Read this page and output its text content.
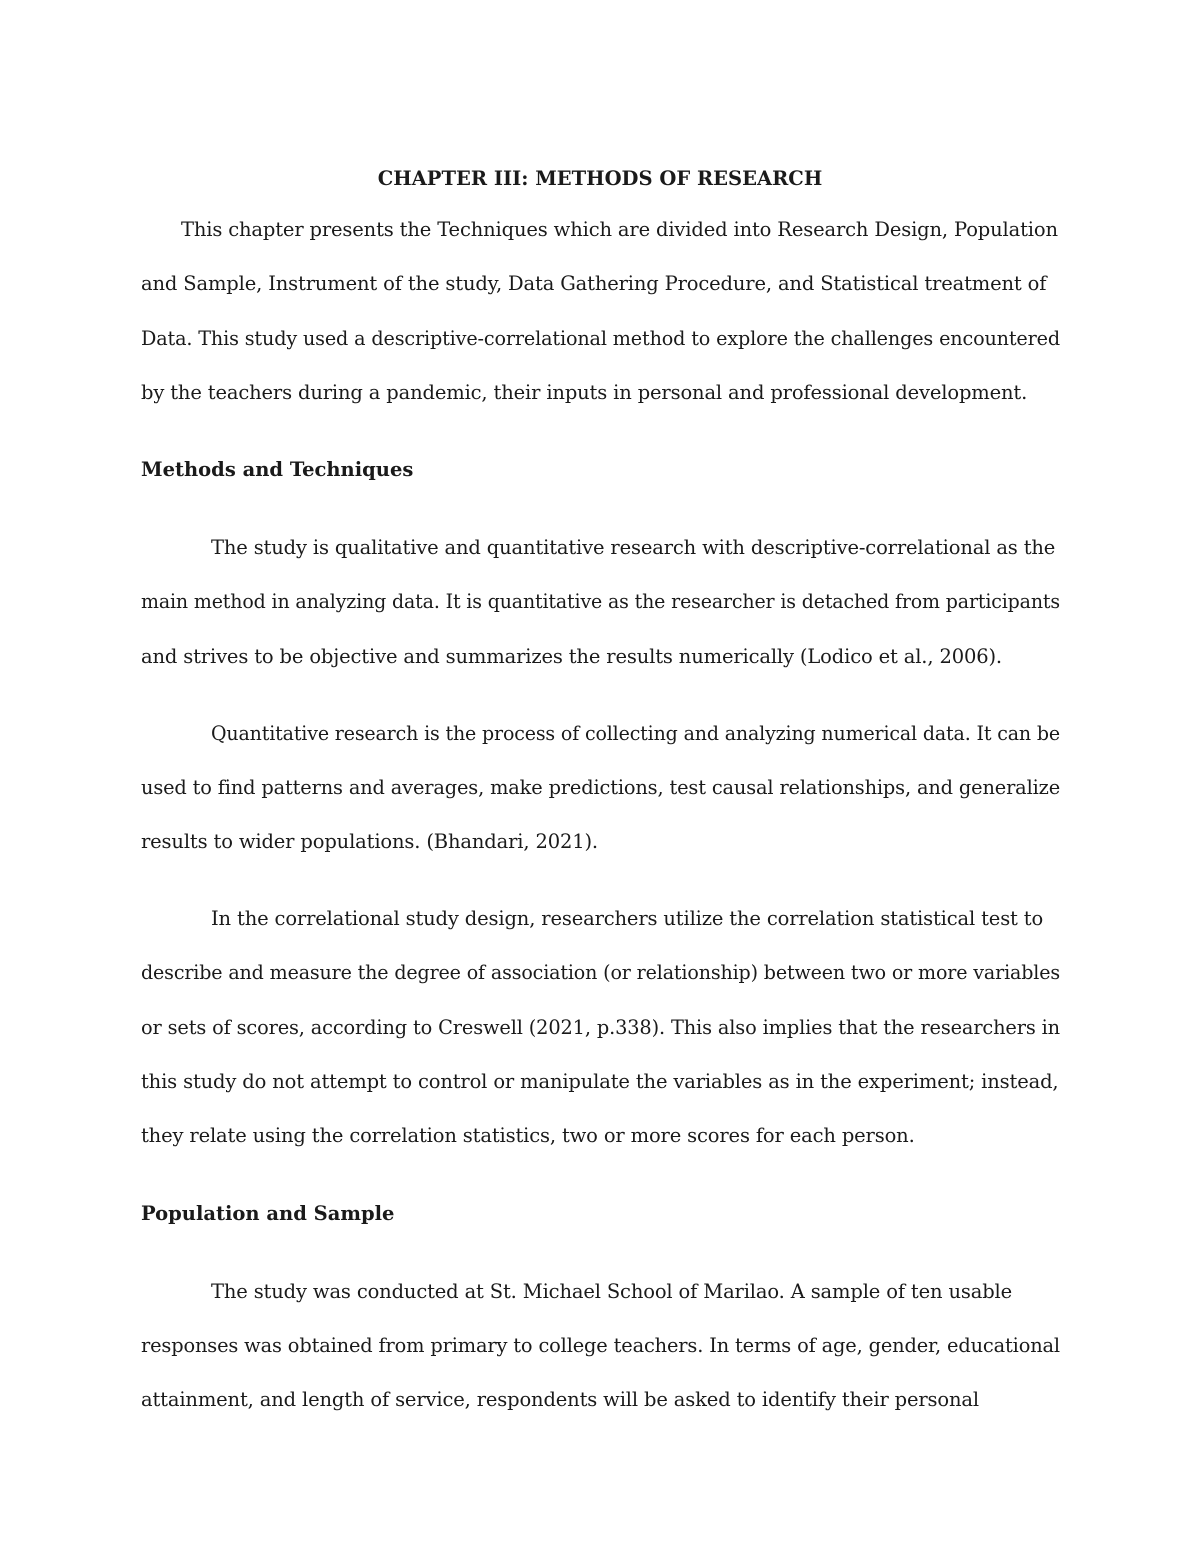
CHAPTER III: METHODS OF RESEARCH
This chapter presents the Techniques which are divided into Research Design, Population
and Sample, Instrument of the study, Data Gathering Procedure, and Statistical treatment of
Data. This study used a descriptive-correlational method to explore the challenges encountered
by the teachers during a pandemic, their inputs in personal and professional development.
Methods and Techniques
The study is qualitative and quantitative research with descriptive-correlational as the
main method in analyzing data. It is quantitative as the researcher is detached from participants
and strives to be objective and summarizes the results numerically (Lodico et al., 2006).
Quantitative research is the process of collecting and analyzing numerical data. It can be
used to find patterns and averages, make predictions, test causal relationships, and generalize
results to wider populations. (Bhandari, 2021).
In the correlational study design, researchers utilize the correlation statistical test to
describe and measure the degree of association (or relationship) between two or more variables
or sets of scores, according to Creswell (2021, p.338). This also implies that the researchers in
this study do not attempt to control or manipulate the variables as in the experiment; instead,
they relate using the correlation statistics, two or more scores for each person.
Population and Sample
The study was conducted at St. Michael School of Marilao. A sample of ten usable
responses was obtained from primary to college teachers. In terms of age, gender, educational
attainment, and length of service, respondents will be asked to identify their personal
